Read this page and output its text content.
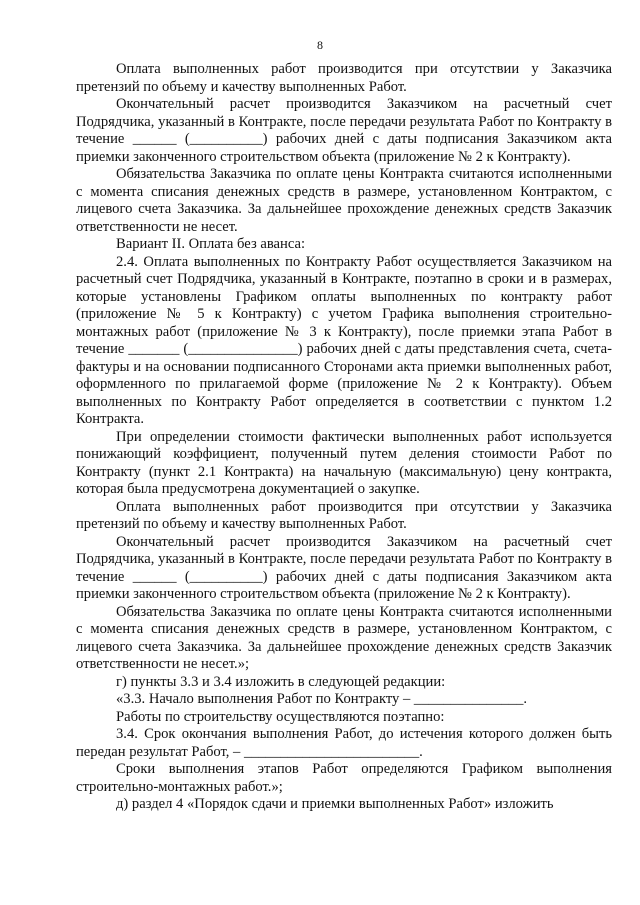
8

Оплата выполненных работ производится при отсутствии у Заказчика претензий по объему и качеству выполненных Работ.

Окончательный расчет производится Заказчиком на расчетный счет Подрядчика, указанный в Контракте, после передачи результата Работ по Контракту в течение ______ (__________) рабочих дней с даты подписания Заказчиком акта приемки законченного строительством объекта (приложение № 2 к Контракту).

Обязательства Заказчика по оплате цены Контракта считаются исполненными с момента списания денежных средств в размере, установленном Контрактом, с лицевого счета Заказчика. За дальнейшее прохождение денежных средств Заказчик ответственности не несет.

Вариант II. Оплата без аванса:

2.4. Оплата выполненных по Контракту Работ осуществляется Заказчиком на расчетный счет Подрядчика, указанный в Контракте, поэтапно в сроки и в размерах, которые установлены Графиком оплаты выполненных по контракту работ (приложение № 5 к Контракту) с учетом Графика выполнения строительно-монтажных работ (приложение № 3 к Контракту), после приемки этапа Работ в течение _______ (_______________) рабочих дней с даты представления счета, счета-фактуры и на основании подписанного Сторонами акта приемки выполненных работ, оформленного по прилагаемой форме (приложение № 2 к Контракту). Объем выполненных по Контракту Работ определяется в соответствии с пунктом 1.2 Контракта.

При определении стоимости фактически выполненных работ используется понижающий коэффициент, полученный путем деления стоимости Работ по Контракту (пункт 2.1 Контракта) на начальную (максимальную) цену контракта, которая была предусмотрена документацией о закупке.

Оплата выполненных работ производится при отсутствии у Заказчика претензий по объему и качеству выполненных Работ.

Окончательный расчет производится Заказчиком на расчетный счет Подрядчика, указанный в Контракте, после передачи результата Работ по Контракту в течение ______ (__________) рабочих дней с даты подписания Заказчиком акта приемки законченного строительством объекта (приложение № 2 к Контракту).

Обязательства Заказчика по оплате цены Контракта считаются исполненными с момента списания денежных средств в размере, установленном Контрактом, с лицевого счета Заказчика. За дальнейшее прохождение денежных средств Заказчик ответственности не несет.»;

г) пункты 3.3 и 3.4 изложить в следующей редакции:

«3.3. Начало выполнения Работ по Контракту – _______________.

Работы по строительству осуществляются поэтапно:

3.4. Срок окончания выполнения Работ, до истечения которого должен быть передан результат Работ, – ________________________.

Сроки выполнения этапов Работ определяются Графиком выполнения строительно-монтажных работ.»;

д) раздел 4 «Порядок сдачи и приемки выполненных Работ» изложить
